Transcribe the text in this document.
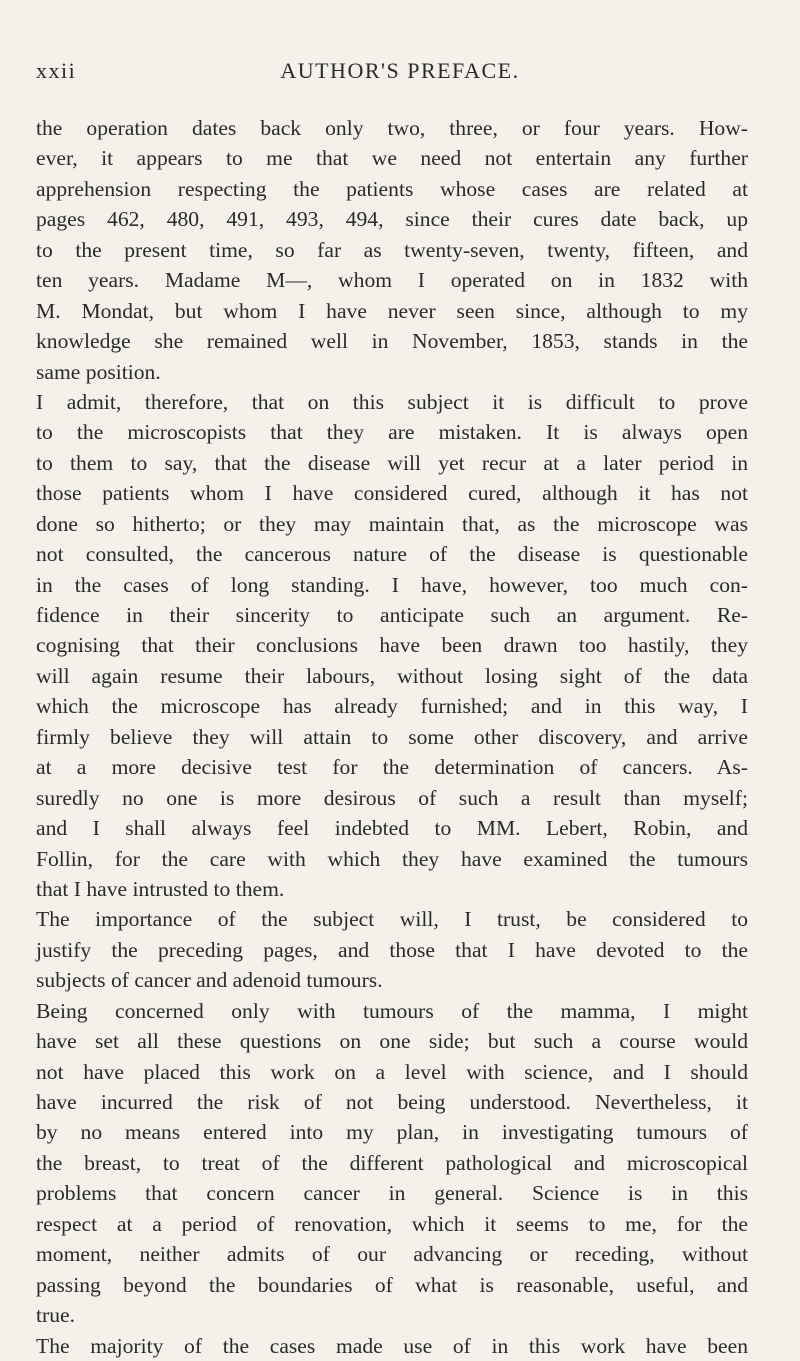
xxii	AUTHOR'S PREFACE.
the operation dates back only two, three, or four years. How-
ever, it appears to me that we need not entertain any further
apprehension respecting the patients whose cases are related at
pages 462, 480, 491, 493, 494, since their cures date back, up
to the present time, so far as twenty-seven, twenty, fifteen, and
ten years. Madame M—, whom I operated on in 1832 with
M. Mondat, but whom I have never seen since, although to my
knowledge she remained well in November, 1853, stands in the
same position.
I admit, therefore, that on this subject it is difficult to prove
to the microscopists that they are mistaken. It is always open
to them to say, that the disease will yet recur at a later period in
those patients whom I have considered cured, although it has not
done so hitherto; or they may maintain that, as the microscope was
not consulted, the cancerous nature of the disease is questionable
in the cases of long standing. I have, however, too much con-
fidence in their sincerity to anticipate such an argument. Re-
cognising that their conclusions have been drawn too hastily, they
will again resume their labours, without losing sight of the data
which the microscope has already furnished; and in this way, I
firmly believe they will attain to some other discovery, and arrive
at a more decisive test for the determination of cancers. As-
suredly no one is more desirous of such a result than myself;
and I shall always feel indebted to MM. Lebert, Robin, and
Follin, for the care with which they have examined the tumours
that I have intrusted to them.
The importance of the subject will, I trust, be considered to
justify the preceding pages, and those that I have devoted to the
subjects of cancer and adenoid tumours.
Being concerned only with tumours of the mamma, I might
have set all these questions on one side; but such a course would
not have placed this work on a level with science, and I should
have incurred the risk of not being understood. Nevertheless, it
by no means entered into my plan, in investigating tumours of
the breast, to treat of the different pathological and microscopical
problems that concern cancer in general. Science is in this
respect at a period of renovation, which it seems to me, for the
moment, neither admits of our advancing or receding, without
passing beyond the boundaries of what is reasonable, useful, and
true.
The majority of the cases made use of in this work have been
